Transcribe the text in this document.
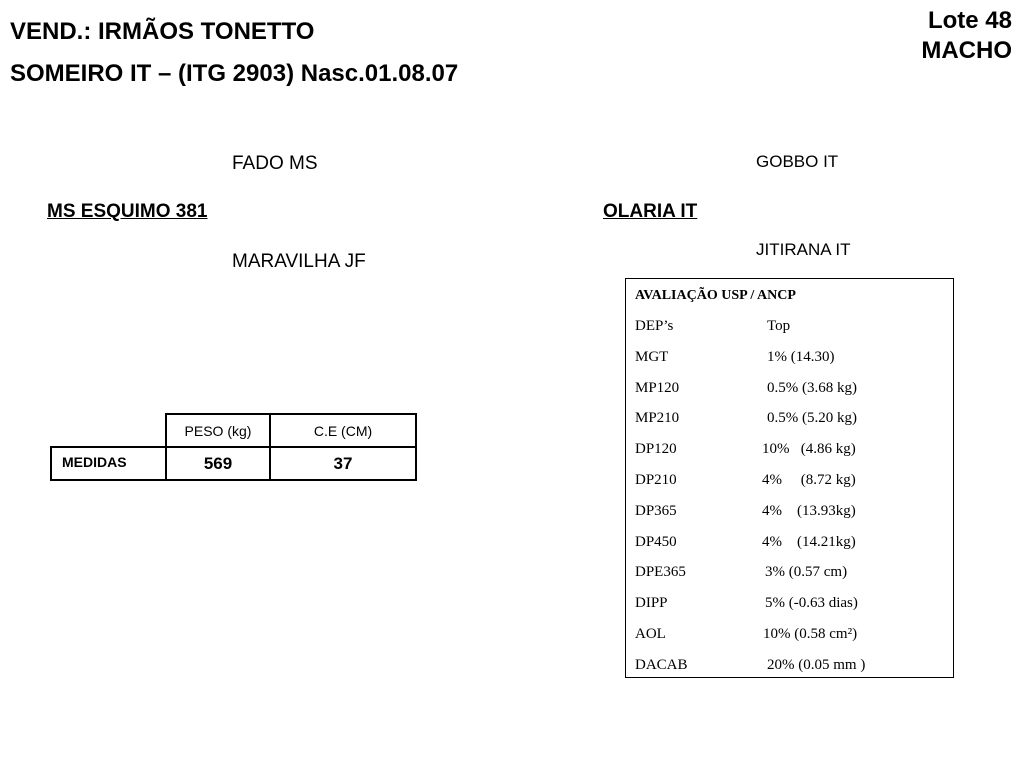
VEND.: IRMÃOS TONETTO
SOMEIRO IT – (ITG 2903) Nasc.01.08.07
Lote 48
MACHO
FADO MS
MS ESQUIMO 381
MARAVILHA JF
GOBBO IT
OLARIA IT
JITIRANA IT
	PESO (kg)	C.E (CM)
MEDIDAS	569	37
AVALIAÇÃO USP / ANCP
DEP’s	Top
MGT	1% (14.30)
MP120	0.5% (3.68 kg)
MP210	0.5% (5.20 kg)
DP120	10%   (4.86 kg)
DP210	4%     (8.72 kg)
DP365	4%    (13.93kg)
DP450	4%    (14.21kg)
DPE365	3% (0.57 cm)
DIPP	5% (-0.63 dias)
AOL	10% (0.58 cm²)
DACAB	20% (0.05 mm )
